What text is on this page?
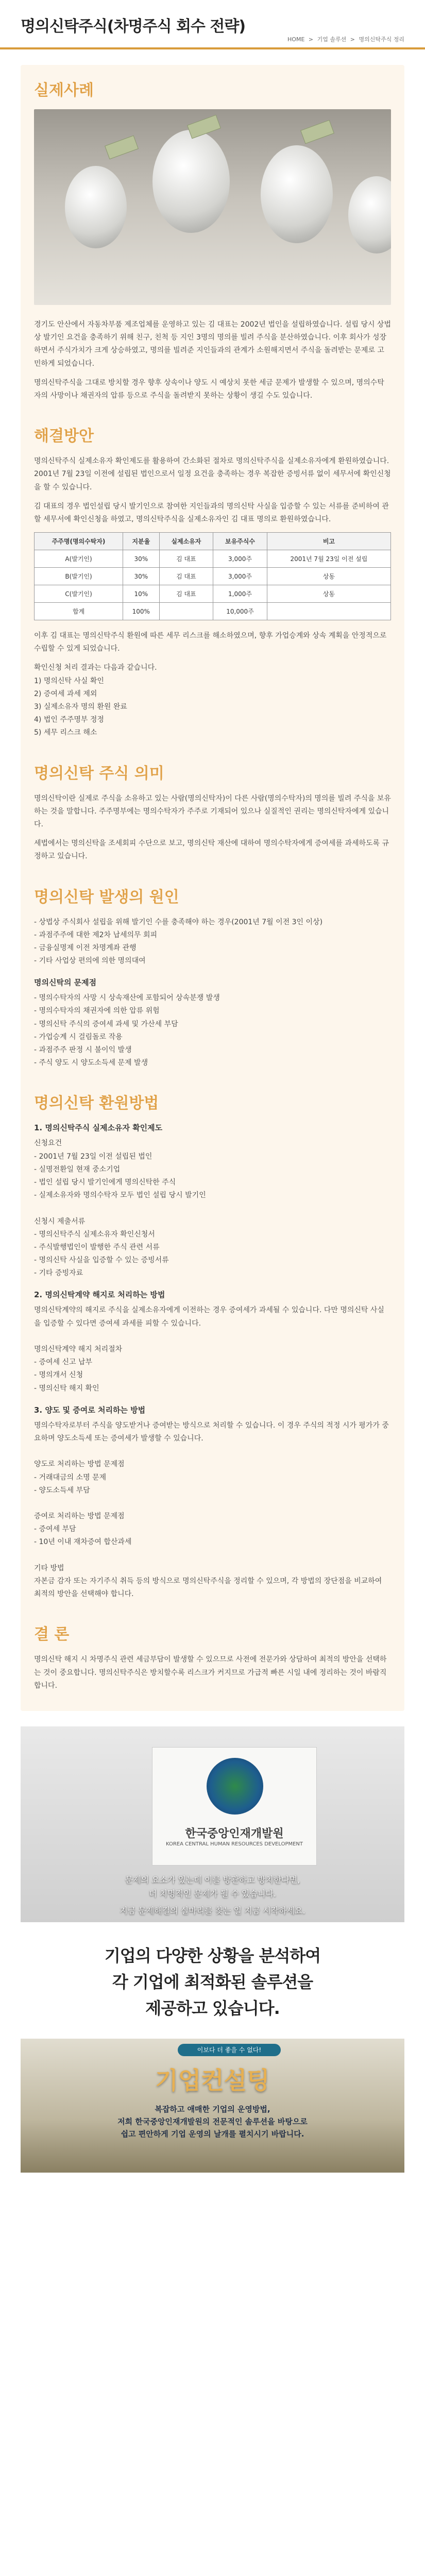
명의신탁주식(차명주식 회수 전략)
HOME > 기업 솔루션 > 명의신탁주식 정리
실제사례

경기도 안산에서 자동차부품 제조업체를 운영하고 있는 김 대표는 2002년 법인을 설립하였습니다. 설립 당시 상법상 발기인 요건을 충족하기 위해 친구, 친척 등 지인 3명의 명의를 빌려 주식을 분산하였습니다. 이후 회사가 성장하면서 주식가치가 크게 상승하였고, 명의를 빌려준 지인들과의 관계가 소원해지면서 주식을 돌려받는 문제로 고민하게 되었습니다.

명의신탁주식을 그대로 방치할 경우 향후 상속이나 양도 시 예상치 못한 세금 문제가 발생할 수 있으며, 명의수탁자의 사망이나 채권자의 압류 등으로 주식을 돌려받지 못하는 상황이 생길 수도 있습니다.

해결방안

명의신탁주식 실제소유자 확인제도를 활용하여 간소화된 절차로 명의신탁주식을 실제소유자에게 환원하였습니다. 2001년 7월 23일 이전에 설립된 법인으로서 일정 요건을 충족하는 경우 복잡한 증빙서류 없이 세무서에 확인신청을 할 수 있습니다.

김 대표의 경우 법인설립 당시 발기인으로 참여한 지인들과의 명의신탁 사실을 입증할 수 있는 서류를 준비하여 관할 세무서에 확인신청을 하였고, 명의신탁주식을 실제소유자인 김 대표 명의로 환원하였습니다.

주주명(명의수탁자)	지분율	실제소유자	보유주식수	비고
A(발기인)	30%	김 대표	3,000주	2001년 7월 23일 이전 설립
B(발기인)	30%	김 대표	3,000주	상동
C(발기인)	10%	김 대표	1,000주	상동
합계	100%		10,000주	

이후 김 대표는 명의신탁주식 환원에 따른 세무 리스크를 해소하였으며, 향후 가업승계와 상속 계획을 안정적으로 수립할 수 있게 되었습니다.

확인신청 처리 결과는 다음과 같습니다.
1) 명의신탁 사실 확인
2) 증여세 과세 제외
3) 실제소유자 명의 환원 완료
4) 법인 주주명부 정정
5) 세무 리스크 해소

명의신탁 주식 의미

명의신탁이란 실제로 주식을 소유하고 있는 사람(명의신탁자)이 다른 사람(명의수탁자)의 명의를 빌려 주식을 보유하는 것을 말합니다. 주주명부에는 명의수탁자가 주주로 기재되어 있으나 실질적인 권리는 명의신탁자에게 있습니다.

세법에서는 명의신탁을 조세회피 수단으로 보고, 명의신탁 재산에 대하여 명의수탁자에게 증여세를 과세하도록 규정하고 있습니다.

명의신탁 발생의 원인

- 상법상 주식회사 설립을 위해 발기인 수를 충족해야 하는 경우(2001년 7월 이전 3인 이상)
- 과점주주에 대한 제2차 납세의무 회피
- 금융실명제 이전 차명계좌 관행
- 기타 사업상 편의에 의한 명의대여

명의신탁의 문제점

- 명의수탁자의 사망 시 상속재산에 포함되어 상속분쟁 발생
- 명의수탁자의 채권자에 의한 압류 위험
- 명의신탁 주식의 증여세 과세 및 가산세 부담
- 가업승계 시 걸림돌로 작용
- 과점주주 판정 시 불이익 발생
- 주식 양도 시 양도소득세 문제 발생

명의신탁 환원방법
1. 명의신탁주식 실제소유자 확인제도

신청요건
- 2001년 7월 23일 이전 설립된 법인
- 실명전환일 현재 중소기업
- 법인 설립 당시 발기인에게 명의신탁한 주식
- 실제소유자와 명의수탁자 모두 법인 설립 당시 발기인

신청시 제출서류
- 명의신탁주식 실제소유자 확인신청서
- 주식발행법인이 발행한 주식 관련 서류
- 명의신탁 사실을 입증할 수 있는 증빙서류
- 기타 증빙자료

2. 명의신탁계약 해지로 처리하는 방법

명의신탁계약의 해지로 주식을 실제소유자에게 이전하는 경우 증여세가 과세될 수 있습니다. 다만 명의신탁 사실을 입증할 수 있다면 증여세 과세를 피할 수 있습니다.

명의신탁계약 해지 처리절차
- 증여세 신고 납부
- 명의개서 신청
- 명의신탁 해지 확인

3. 양도 및 증여로 처리하는 방법

명의수탁자로부터 주식을 양도받거나 증여받는 방식으로 처리할 수 있습니다. 이 경우 주식의 적정 시가 평가가 중요하며 양도소득세 또는 증여세가 발생할 수 있습니다.

양도로 처리하는 방법 문제점
- 거래대금의 소명 문제
- 양도소득세 부담

증여로 처리하는 방법 문제점
- 증여세 부담
- 10년 이내 재차증여 합산과세

기타 방법
자본금 감자 또는 자기주식 취득 등의 방식으로 명의신탁주식을 정리할 수 있으며, 각 방법의 장단점을 비교하여 최적의 방안을 선택해야 합니다.

결 론

명의신탁 해지 시 차명주식 관련 세금부담이 발생할 수 있으므로 사전에 전문가와 상담하여 최적의 방안을 선택하는 것이 중요합니다. 명의신탁주식은 방치할수록 리스크가 커지므로 가급적 빠른 시일 내에 정리하는 것이 바람직합니다.

한국중앙인재개발원
KOREA CENTRAL HUMAN RESOURCES DEVELOPMENT
문제의 요소가 있는데 이를 방관하고 방치한다면,
더 치명적인 문제가 될 수 있습니다.
지금 문제해결의 실마리를 찾는 일 지금 시작하세요.
기업의 다양한 상황을 분석하여
각 기업에 최적화된 솔루션을
제공하고 있습니다.
이보다 더 좋을 수 없다!
기업컨설팅
복잡하고 애매한 기업의 운영방법,
저희 한국중앙인재개발원의 전문적인 솔루션을 바탕으로
쉽고 편안하게 기업 운영의 날개를 펼치시기 바랍니다.
